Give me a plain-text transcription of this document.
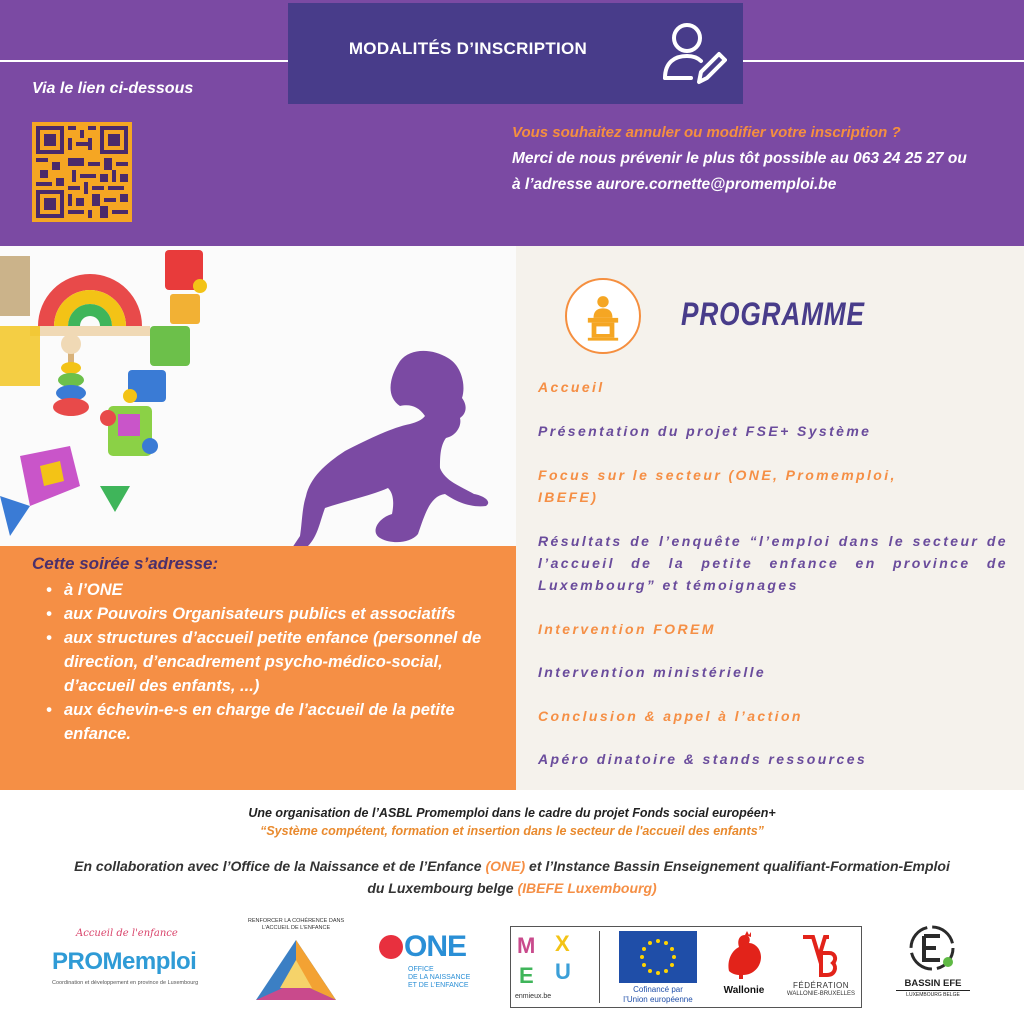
MODALITÉS D’INSCRIPTION
Via le lien ci-dessous
Vous souhaitez annuler ou modifier votre inscription ?
Merci de nous prévenir le plus tôt possible au 063 24 25 27 ou
à l’adresse aurore.cornette@promemploi.be
Cette soirée s’adresse:
• à l’ONE
• aux Pouvoirs Organisateurs publics et associatifs
• aux structures d’accueil petite enfance (personnel de direction, d’encadrement psycho-médico-social, d’accueil des enfants, ...)
• aux échevin-e-s en charge de l’accueil de la petite enfance.
PROGRAMME
Accueil
Présentation du projet FSE+ Système
Focus sur le secteur (ONE, Promemploi,
IBEFE)
Résultats de l’enquête “l’emploi dans le secteur de l’accueil de la petite enfance en province de Luxembourg” et témoignages
Intervention FOREM
Intervention ministérielle
Conclusion & appel à l’action
Apéro dinatoire & stands ressources
Une organisation de l’ASBL Promemploi dans le cadre du projet Fonds social européen+
“Système compétent, formation et insertion dans le secteur de l'accueil des enfants”
En collaboration avec l’Office de la Naissance et de l’Enfance (ONE) et l’Instance Bassin Enseignement qualifiant-Formation-Emploi
du Luxembourg belge (IBEFE Luxembourg)
Accueil de l'enfance
PROMemploi
Coordination et développement en province de Luxembourg
RENFORCER LA COHÉRENCE DANS L’ACCUEIL DE L’ENFANCE
ONE
OFFICE
DE LA NAISSANCE
ET DE L’ENFANCE
M X
E U
enmieux.be
Cofinancé par
l’Union européenne
Wallonie	FÉDÉRATION
WALLONIE-BRUXELLES
BASSIN EFE
LUXEMBOURG BELGE
